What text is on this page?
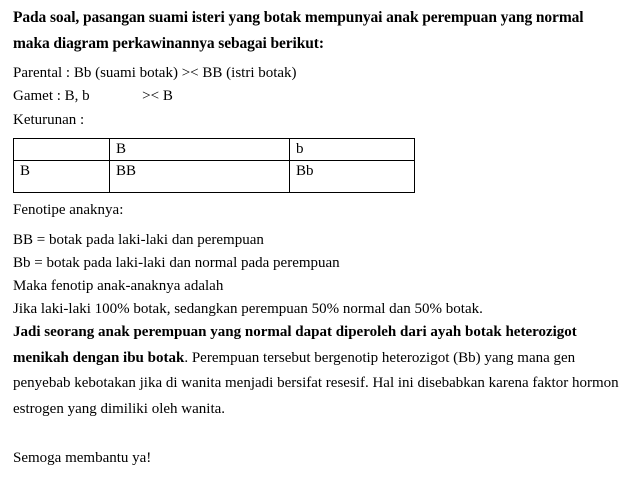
Pada soal, pasangan suami isteri yang botak mempunyai anak perempuan yang normal
maka diagram perkawinannya sebagai berikut:
Parental : Bb (suami botak) >< BB (istri botak)
Gamet : B, b	>< B
Keturunan :
	B	b
B	BB	Bb
Fenotipe anaknya:
BB = botak pada laki-laki dan perempuan
Bb = botak pada laki-laki dan normal pada perempuan
Maka fenotip anak-anaknya adalah
Jika laki-laki 100% botak, sedangkan perempuan 50% normal dan 50% botak.
Jadi seorang anak perempuan yang normal dapat diperoleh dari ayah botak heterozigot menikah dengan ibu botak. Perempuan tersebut bergenotip heterozigot (Bb) yang mana gen penyebab kebotakan jika di wanita menjadi bersifat resesif. Hal ini disebabkan karena faktor hormon estrogen yang dimiliki oleh wanita.
Semoga membantu ya!
